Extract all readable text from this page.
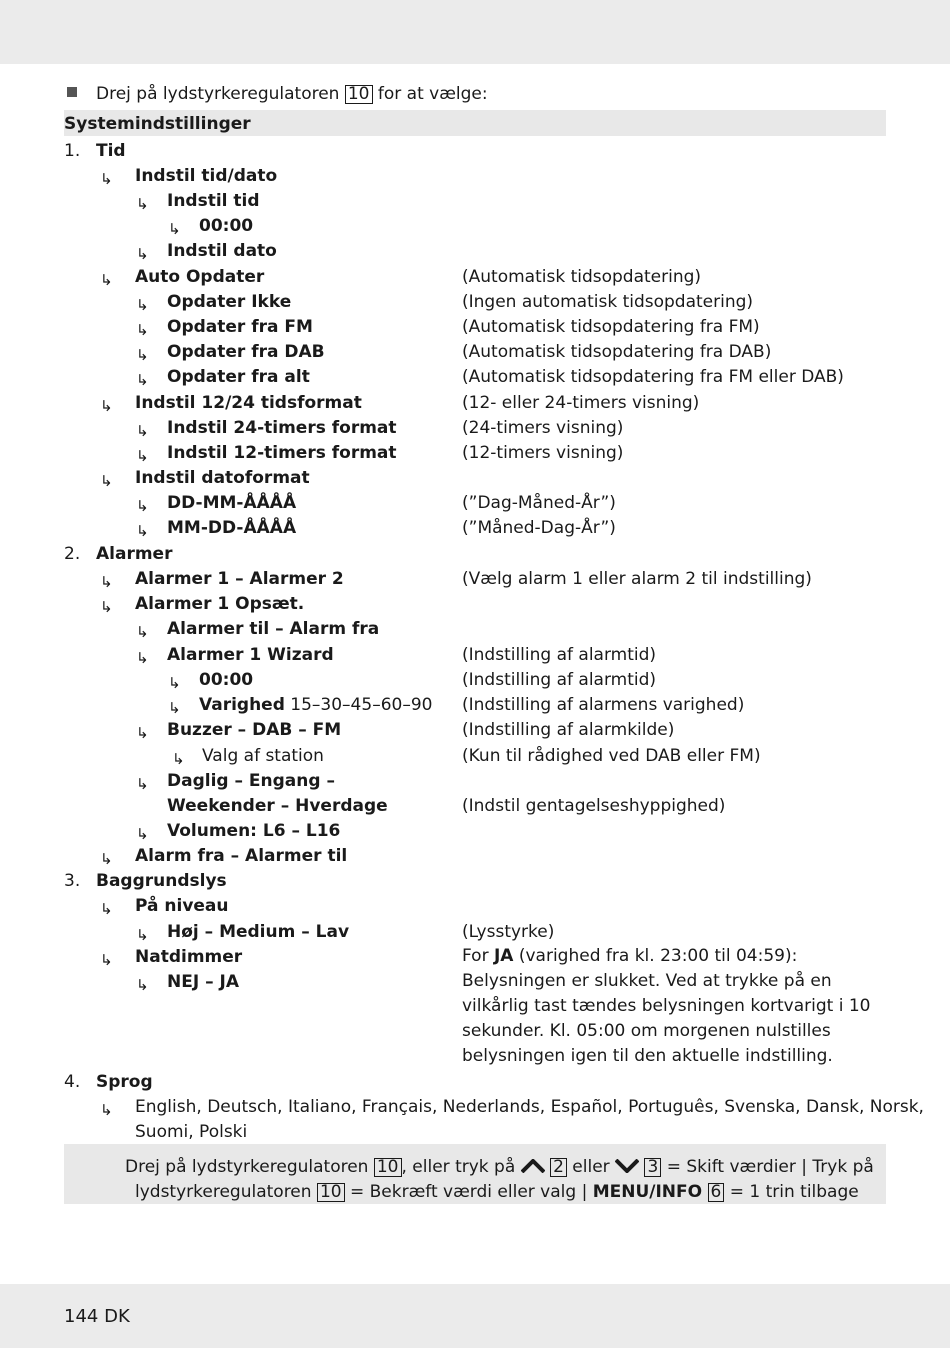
Drej på lydstyrkeregulatoren 10 for at vælge:
Systemindstillinger
1. Tid
↳ Indstil tid/dato
↳ Indstil tid
↳ 00:00
↳ Indstil dato
↳ Auto Opdater	(Automatisk tidsopdatering)
↳ Opdater Ikke	(Ingen automatisk tidsopdatering)
↳ Opdater fra FM	(Automatisk tidsopdatering fra FM)
↳ Opdater fra DAB	(Automatisk tidsopdatering fra DAB)
↳ Opdater fra alt	(Automatisk tidsopdatering fra FM eller DAB)
↳ Indstil 12/24 tidsformat	(12- eller 24-timers visning)
↳ Indstil 24-timers format	(24-timers visning)
↳ Indstil 12-timers format	(12-timers visning)
↳ Indstil datoformat
↳ DD-MM-ÅÅÅÅ	(”Dag-Måned-År”)
↳ MM-DD-ÅÅÅÅ	(”Måned-Dag-År”)
2. Alarmer
↳ Alarmer 1 – Alarmer 2	(Vælg alarm 1 eller alarm 2 til indstilling)
↳ Alarmer 1 Opsæt.
↳ Alarmer til – Alarm fra
↳ Alarmer 1 Wizard	(Indstilling af alarmtid)
↳ 00:00	(Indstilling af alarmtid)
↳ Varighed 15–30–45–60–90 (Indstilling af alarmens varighed)
↳ Buzzer – DAB – FM	(Indstilling af alarmkilde)
↳ Valg af station	(Kun til rådighed ved DAB eller FM)
↳ Daglig – Engang –
Weekender – Hverdage	(Indstil gentagelseshyppighed)
↳ Volumen: L6 – L16
↳ Alarm fra – Alarmer til
3. Baggrundslys
↳ På niveau
↳ Høj – Medium – Lav	(Lysstyrke)
↳ Natdimmer
↳ NEJ – JA
For JA (varighed fra kl. 23:00 til 04:59): Belysningen er slukket. Ved at trykke på en vilkårlig tast tændes belysningen kortvarigt i 10 sekunder. Kl. 05:00 om morgenen nulstilles belysningen igen til den aktuelle indstilling.
4. Sprog
↳ English, Deutsch, Italiano, Français, Nederlands, Español, Português, Svenska, Dansk, Norsk,
Suomi, Polski
Drej på lydstyrkeregulatoren 10 , eller tryk på  2 eller  3 = Skift værdier | Tryk på
lydstyrkeregulatoren 10 = Bekræft værdi eller valg | MENU/INFO 6 = 1 trin tilbage
144 DK
